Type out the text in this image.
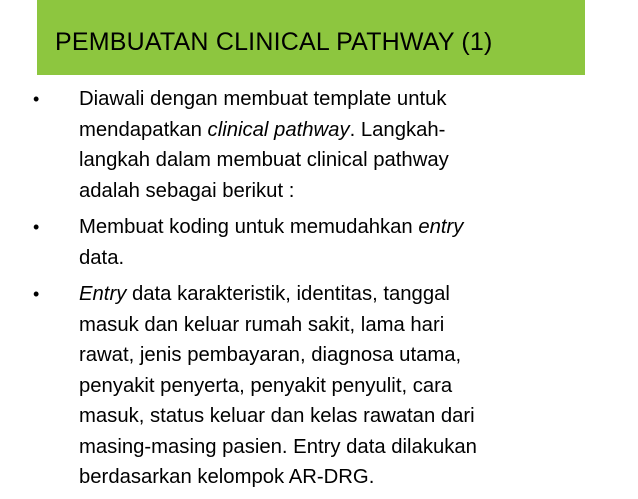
PEMBUATAN CLINICAL PATHWAY (1)
• Diawali dengan membuat template untuk
mendapatkan clinical pathway. Langkah-
langkah dalam membuat clinical pathway
adalah sebagai berikut :
• Membuat koding untuk memudahkan entry
data.
• Entry data karakteristik, identitas, tanggal
masuk dan keluar rumah sakit, lama hari
rawat, jenis pembayaran, diagnosa utama,
penyakit penyerta, penyakit penyulit, cara
masuk, status keluar dan kelas rawatan dari
masing-masing pasien. Entry data dilakukan
berdasarkan kelompok AR-DRG.
